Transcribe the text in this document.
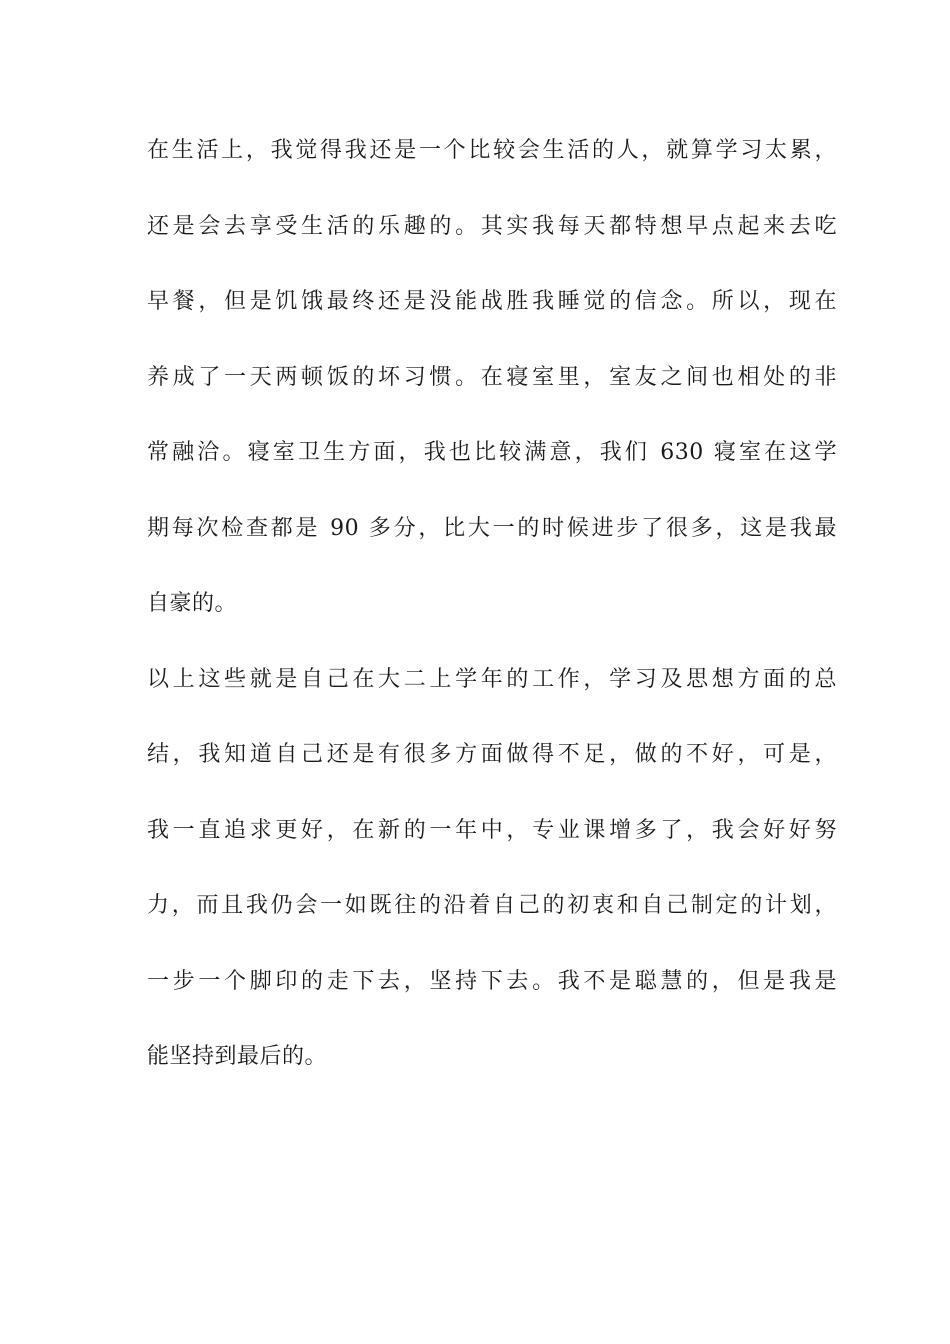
在生活上，我觉得我还是一个比较会生活的人，就算学习太累，
还是会去享受生活的乐趣的。其实我每天都特想早点起来去吃
早餐，但是饥饿最终还是没能战胜我睡觉的信念。所以，现在
养成了一天两顿饭的坏习惯。在寝室里，室友之间也相处的非
常融洽。寝室卫生方面，我也比较满意，我们 630 寝室在这学
期每次检查都是 90 多分，比大一的时候进步了很多，这是我最
自豪的。
以上这些就是自己在大二上学年的工作，学习及思想方面的总
结，我知道自己还是有很多方面做得不足，做的不好，可是，
我一直追求更好，在新的一年中，专业课增多了，我会好好努
力，而且我仍会一如既往的沿着自己的初衷和自己制定的计划，
一步一个脚印的走下去，坚持下去。我不是聪慧的，但是我是
能坚持到最后的。
